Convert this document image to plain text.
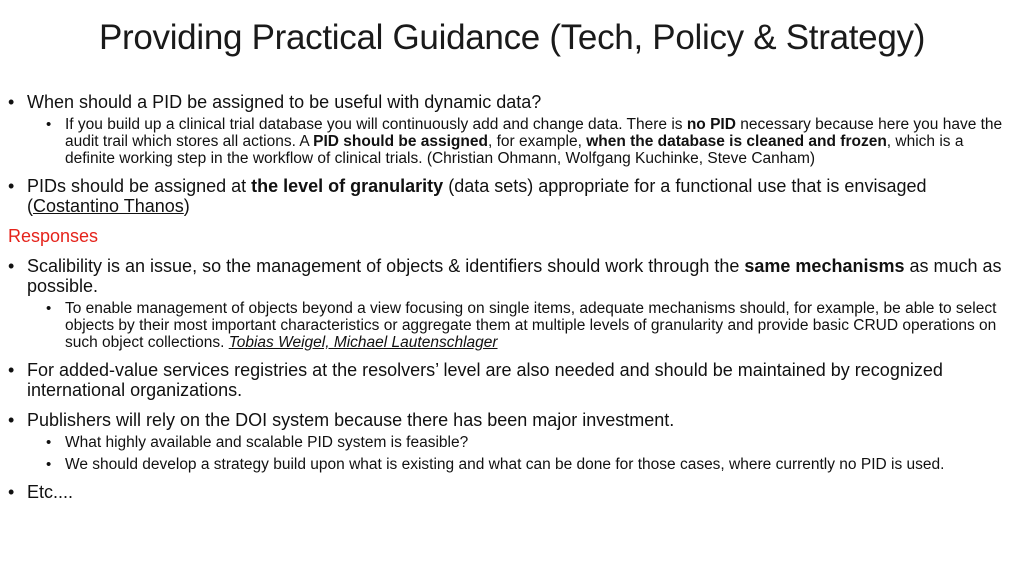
Providing Practical Guidance (Tech, Policy & Strategy)
• When should a PID be assigned to be useful with dynamic data?
• If you build up a clinical trial database you will continuously add and change data. There is no PID necessary because here you have the audit trail which stores all actions. A PID should be assigned, for example, when the database is cleaned and frozen, which is a definite working step in the workflow of clinical trials. (Christian Ohmann, Wolfgang Kuchinke, Steve Canham)
• PIDs should be assigned at the level of granularity (data sets) appropriate for a functional use that is envisaged (Costantino Thanos)
Responses
• Scalibility is an issue, so the management of objects & identifiers should work through the same mechanisms as much as possible.
• To enable management of objects beyond a view focusing on single items, adequate mechanisms should, for example, be able to select objects by their most important characteristics or aggregate them at multiple levels of granularity and provide basic CRUD operations on such object collections. Tobias Weigel, Michael Lautenschlager
• For added-value services registries at the resolvers’ level are also needed and should be maintained by recognized international organizations.
• Publishers will rely on the DOI system because there has been major investment.
• What highly available and scalable PID system is feasible?
• We should develop a strategy build upon what is existing and what can be done for those cases, where currently no PID is used.
• Etc....
